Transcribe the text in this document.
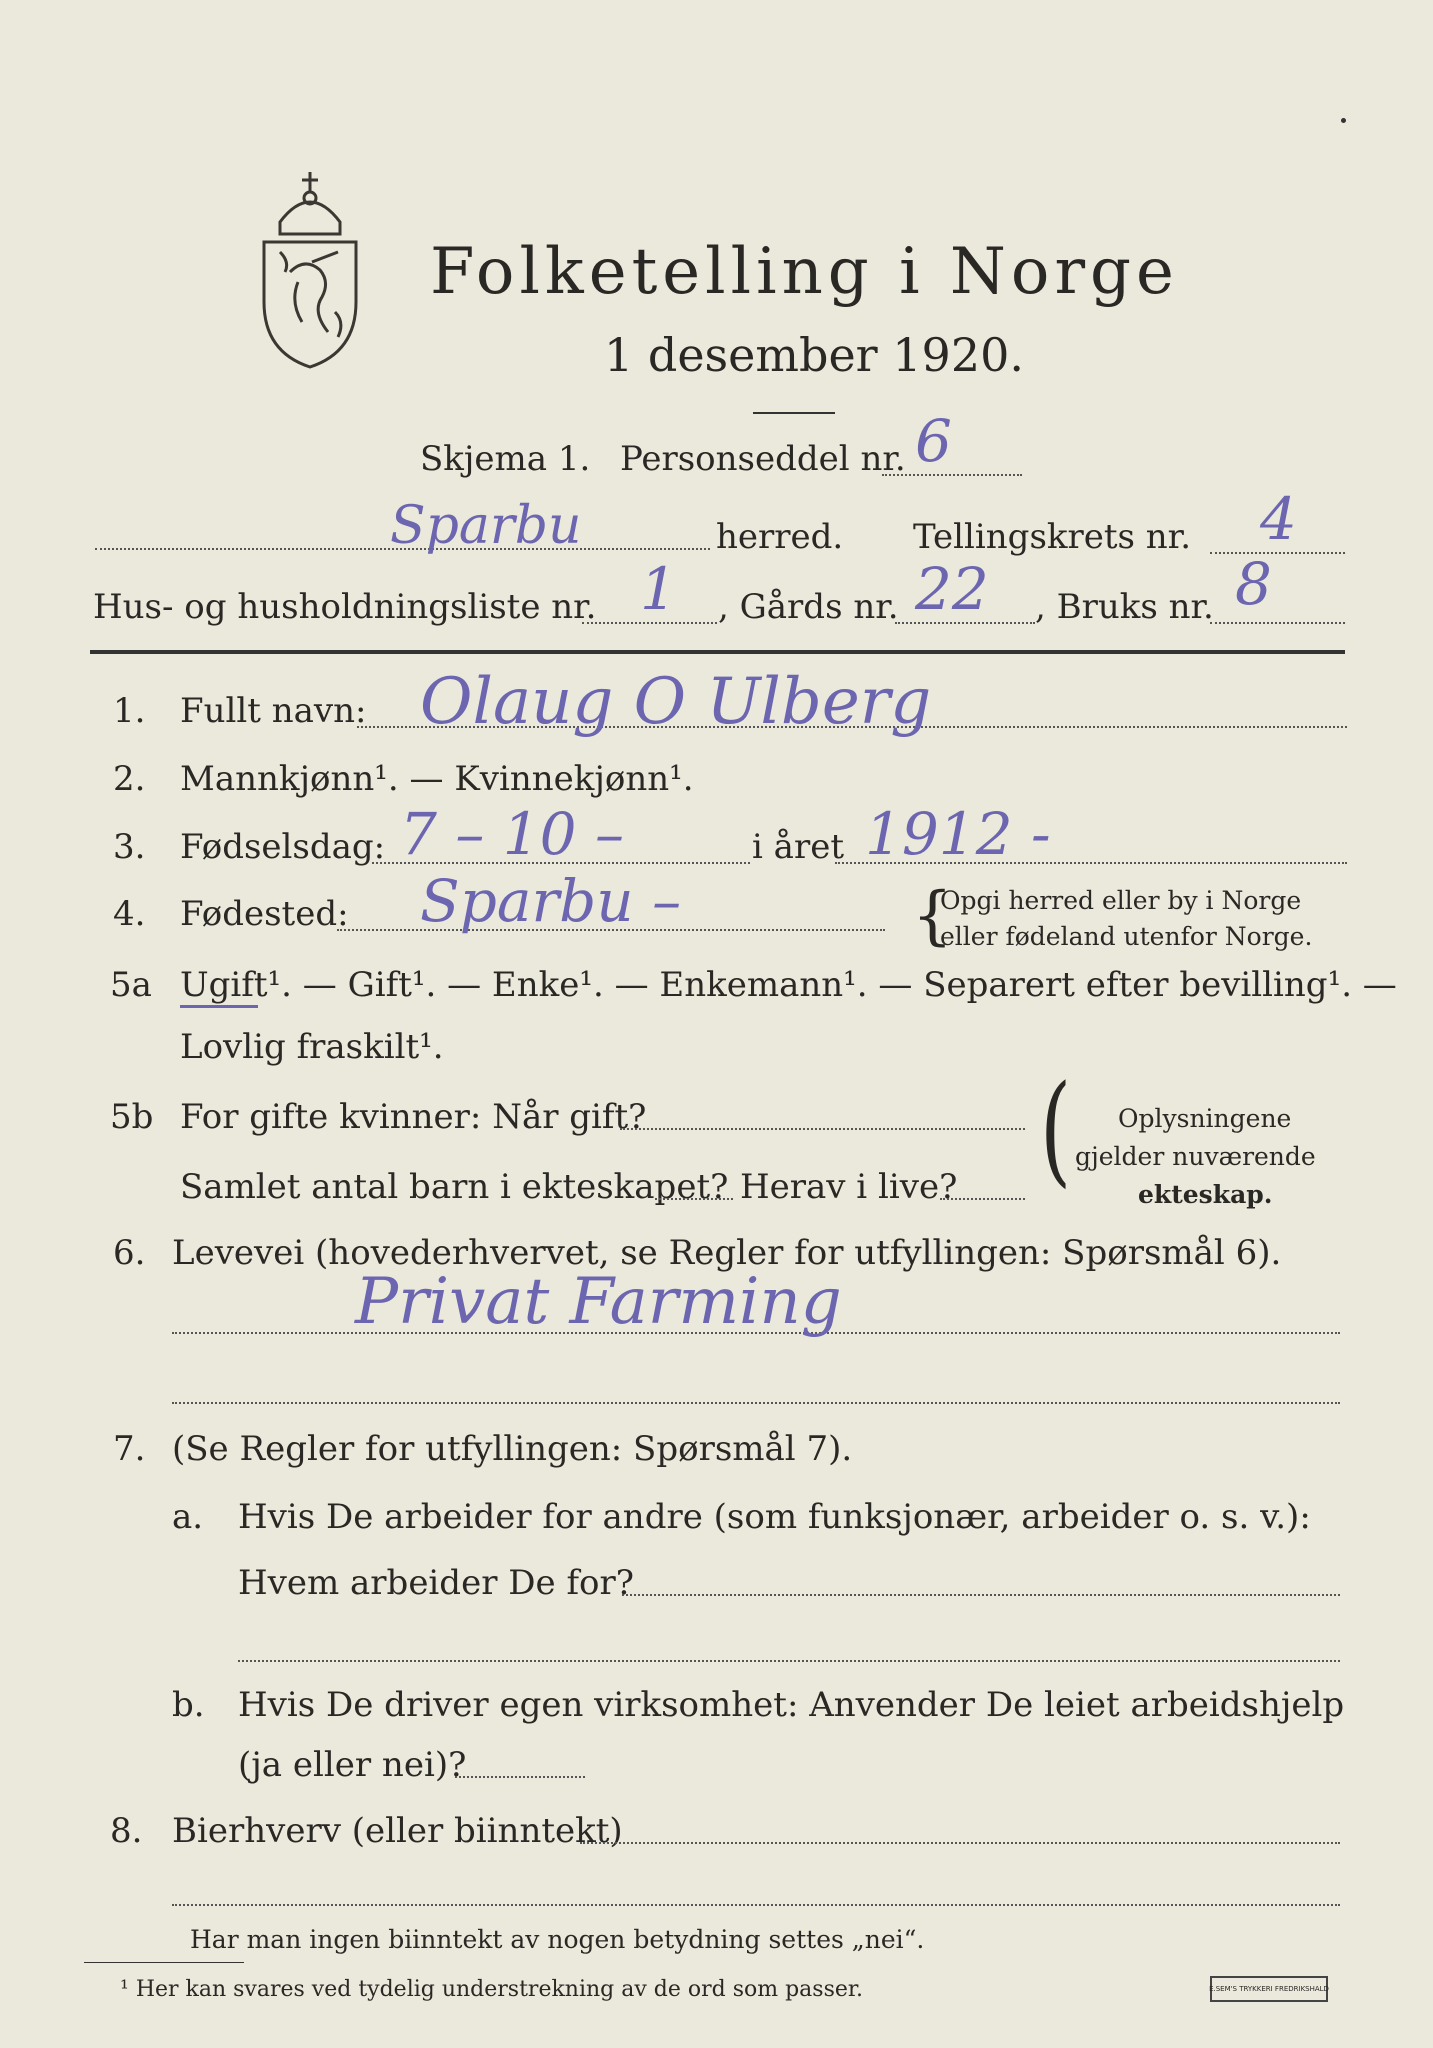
Folketelling i Norge
1 desember 1920.
Skjema 1. Personseddel nr. 6
Sparbu	herred. Tellingskrets nr. 4
Hus- og husholdningsliste nr. 1 , Gårds nr. 22 , Bruks nr. 8
1. Fullt navn: Olaug O Ulberg
2. Mannkjønn¹. — Kvinnekjønn¹.
3. Fødselsdag: 7 – 10 –	i året 1912 -
4. Fødested: Sparbu –	Opgi herred eller by i Norge
eller fødeland utenfor Norge.
{
5a Ugift¹. — Gift¹. — Enke¹. — Enkemann¹. — Separert efter bevilling¹. —
Lovlig fraskilt¹.
5b For gifte kvinner: Når gift?
Samlet antal barn i ekteskapet? Herav i live? ( Oplysningene
gjelder nuværende
ekteskap.
6. Levevei (hovederhvervet, se Regler for utfyllingen: Spørsmål 6).
Privat Farming
7. (Se Regler for utfyllingen: Spørsmål 7).
a. Hvis De arbeider for andre (som funksjonær, arbeider o. s. v.):
Hvem arbeider De for?
b. Hvis De driver egen virksomhet: Anvender De leiet arbeidshjelp
(ja eller nei)?
8. Bierhverv (eller biinntekt)
Har man ingen biinntekt av nogen betydning settes „nei“.
¹ Her kan svares ved tydelig understrekning av de ord som passer.	E.SEM'S TRYKKERI FREDRIKSHALD
